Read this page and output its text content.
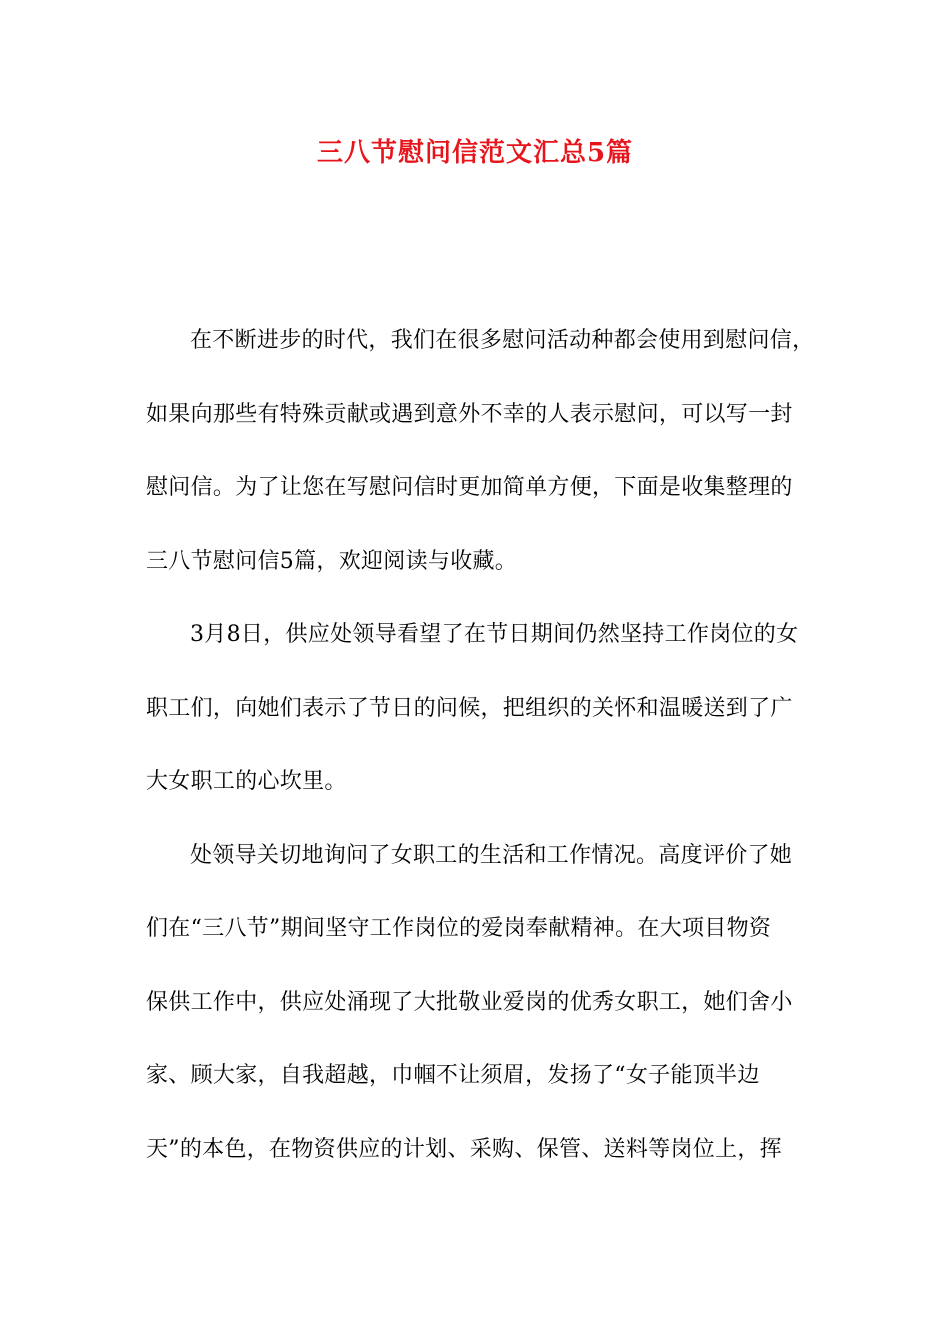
三八节慰问信范文汇总5篇
在不断进步的时代，我们在很多慰问活动种都会使用到慰问信，
如果向那些有特殊贡献或遇到意外不幸的人表示慰问，可以写一封
慰问信。为了让您在写慰问信时更加简单方便，下面是收集整理的
三八节慰问信5篇，欢迎阅读与收藏。
3月8日，供应处领导看望了在节日期间仍然坚持工作岗位的女
职工们，向她们表示了节日的问候，把组织的关怀和温暖送到了广
大女职工的心坎里。
处领导关切地询问了女职工的生活和工作情况。高度评价了她
们在“三八节”期间坚守工作岗位的爱岗奉献精神。在大项目物资
保供工作中，供应处涌现了大批敬业爱岗的优秀女职工，她们舍小
家、顾大家，自我超越，巾帼不让须眉，发扬了“女子能顶半边
天”的本色，在物资供应的计划、采购、保管、送料等岗位上，挥
